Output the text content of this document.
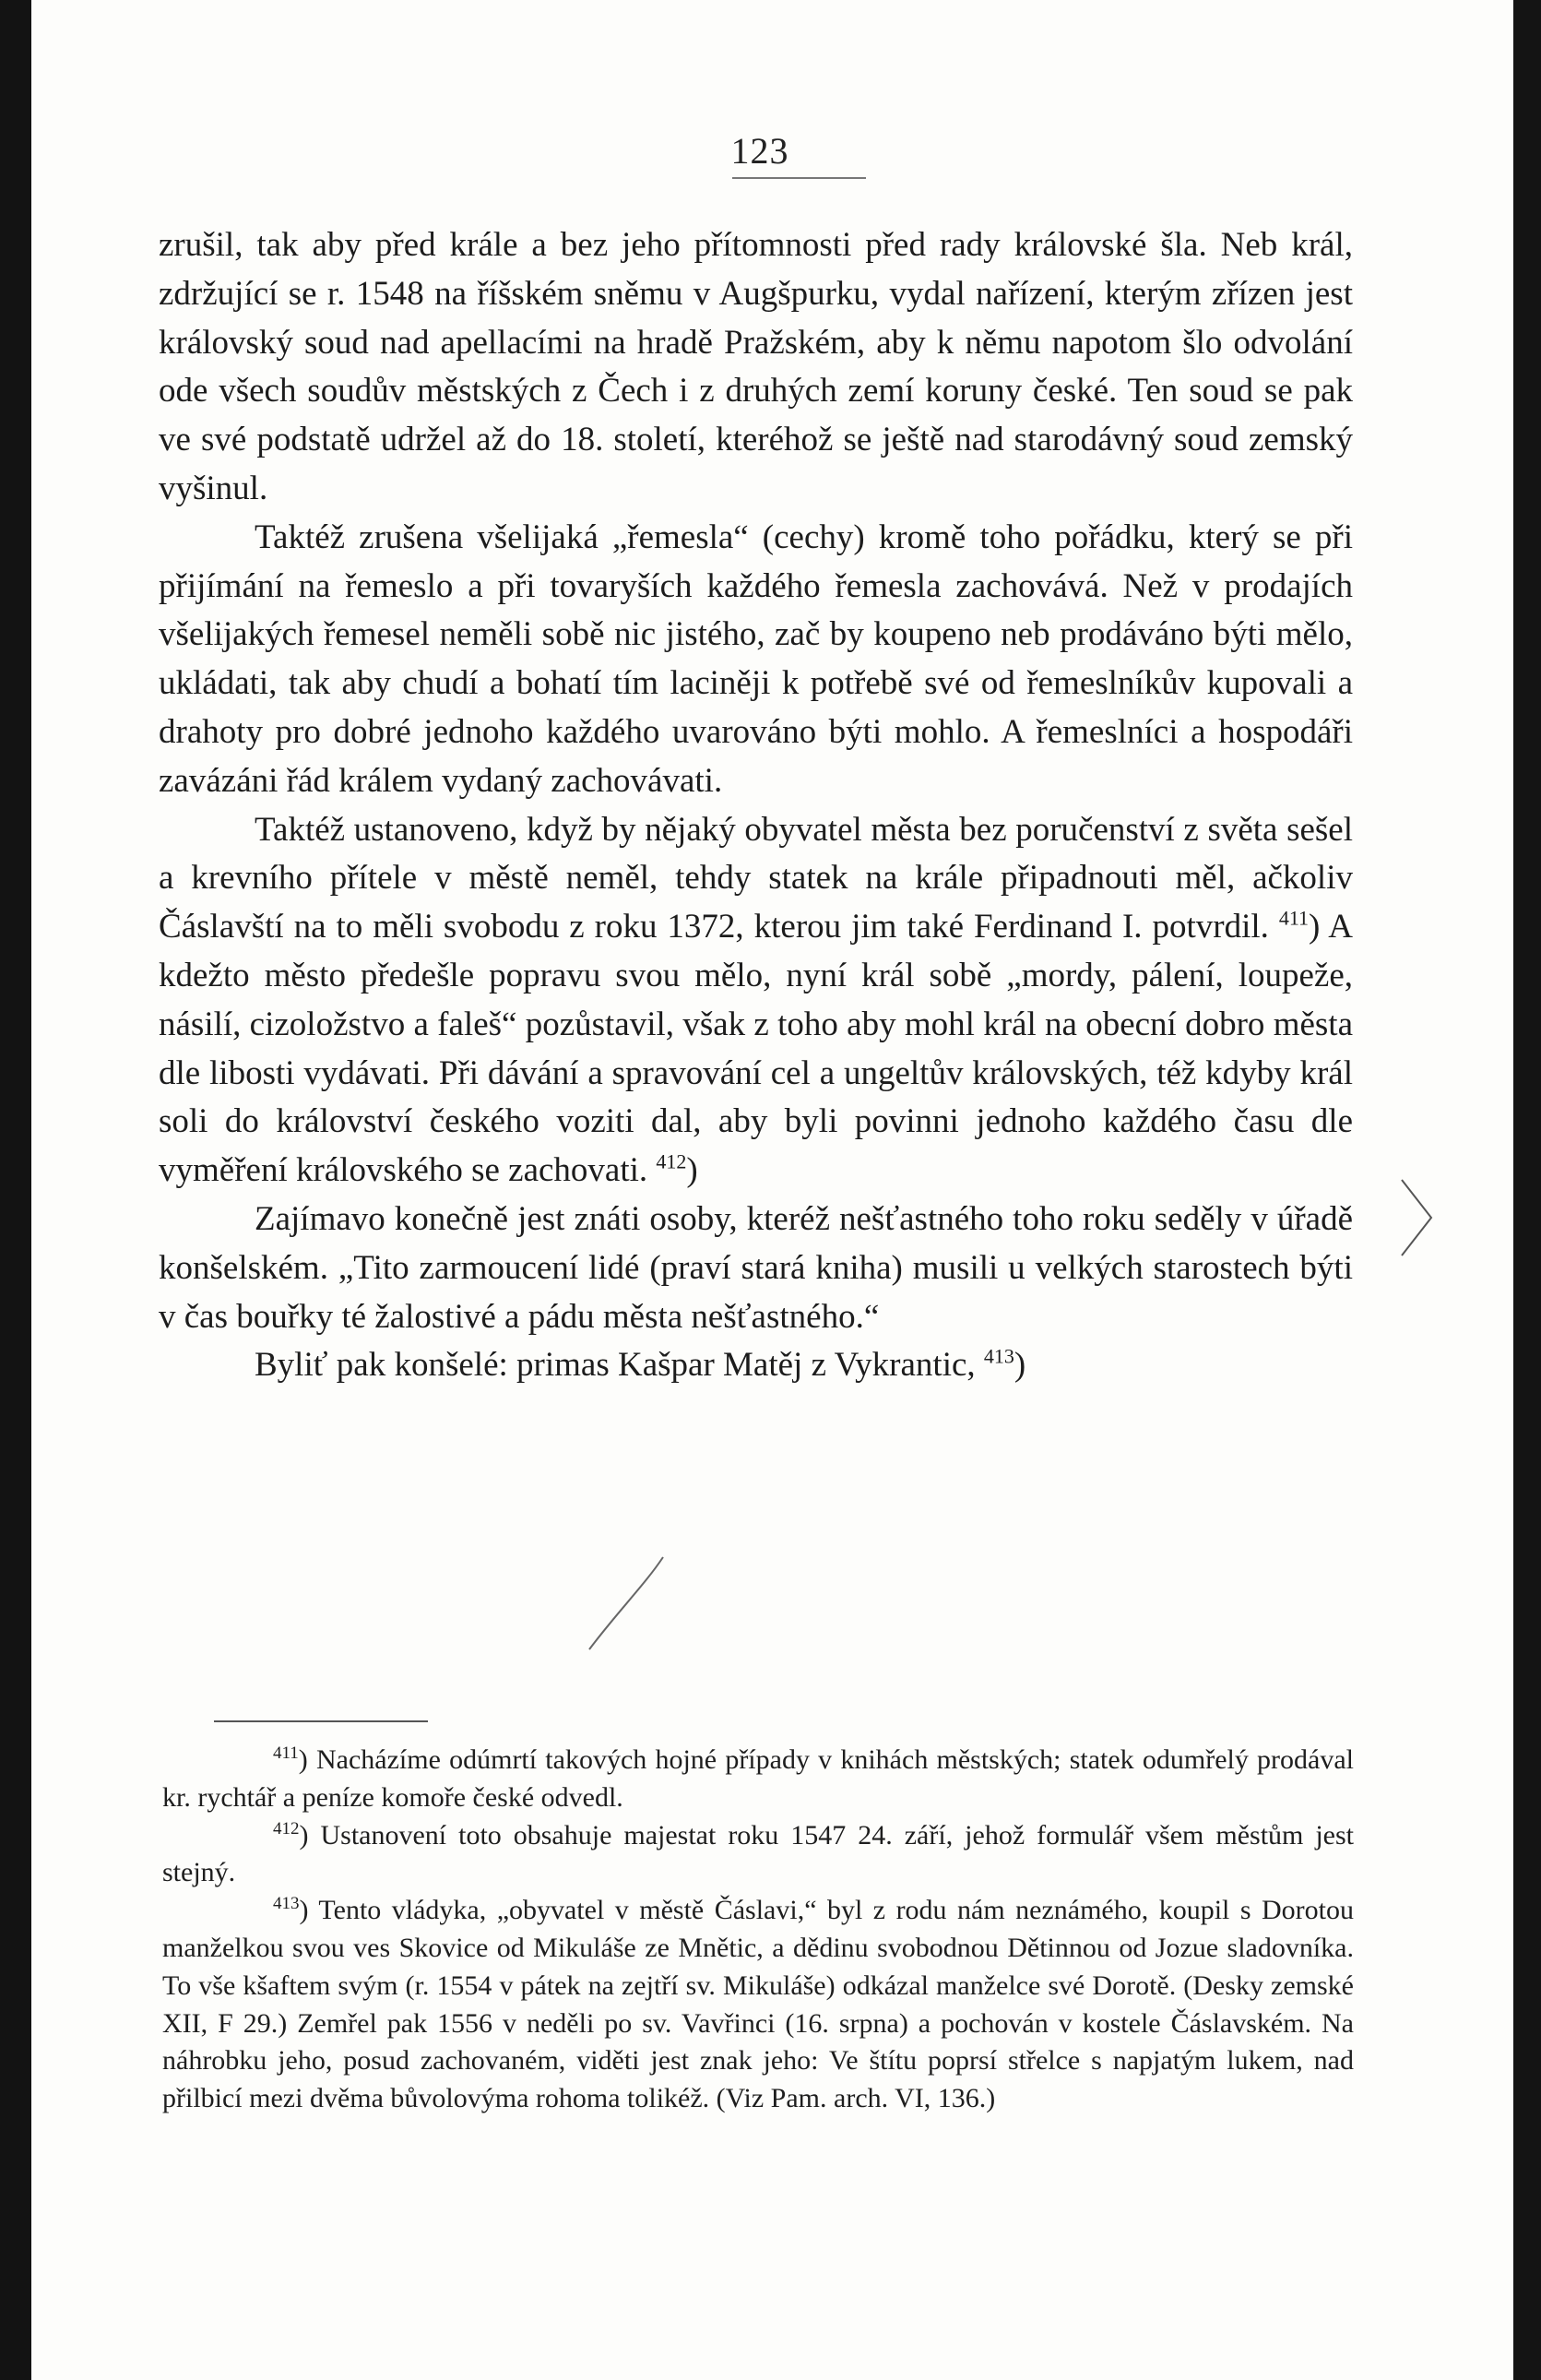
123

zrušil, tak aby před krále a bez jeho přítomnosti před rady královské šla. Neb král, zdržující se r. 1548 na říšském sněmu v Augšpurku, vydal nařízení, kterým zřízen jest královský soud nad apellacími na hradě Pražském, aby k němu napotom šlo odvolání ode všech soudův městských z Čech i z druhých zemí koruny české. Ten soud se pak ve své podstatě udržel až do 18. století, kteréhož se ještě nad starodávný soud zemský vyšinul.

Taktéž zrušena všelijaká „řemesla“ (cechy) kromě toho pořádku, který se při přijímání na řemeslo a při tovaryších každého řemesla zachovává. Než v prodajích všelijakých řemesel neměli sobě nic jistého, zač by koupeno neb prodáváno býti mělo, ukládati, tak aby chudí a bohatí tím laciněji k potřebě své od řemeslníkův kupovali a drahoty pro dobré jednoho každého uvarováno býti mohlo. A řemeslníci a hospodáři zavázáni řád králem vydaný zachovávati.

Taktéž ustanoveno, když by nějaký obyvatel města bez poručenství z světa sešel a krevního přítele v městě neměl, tehdy statek na krále připadnouti měl, ačkoliv Čáslavští na to měli svobodu z roku 1372, kterou jim také Ferdinand I. potvrdil. $^{411}$) A kdežto město předešle popravu svou mělo, nyní král sobě „mordy, pálení, loupeže, násilí, cizoložstvo a faleš“ pozůstavil, však z toho aby mohl král na obecní dobro města dle libosti vydávati. Při dávání a spravování cel a ungeltův královských, též kdyby král soli do království českého voziti dal, aby byli povinni jednoho každého času dle vyměření královského se zachovati. $^{412}$)

Zajímavo konečně jest znáti osoby, kteréž nešťastného toho roku seděly v úřadě konšelském. „Tito zarmoucení lidé (praví stará kniha) musili u velkých starostech býti v čas bouřky té žalostivé a pádu města nešťastného.“

Byliť pak konšelé: primas Kašpar Matěj z Vykrantic, $^{413}$)

$^{411}$) Nacházíme odúmrtí takových hojné případy v knihách městských; statek odumřelý prodával kr. rychtář a peníze komoře české odvedl.

$^{412}$) Ustanovení toto obsahuje majestat roku 1547 24. září, jehož formulář všem městům jest stejný.

$^{413}$) Tento vládyka, „obyvatel v městě Čáslavi,“ byl z rodu nám neznámého, koupil s Dorotou manželkou svou ves Skovice od Mikuláše ze Mnětic, a dědinu svobodnou Dětinnou od Jozue sladovníka. To vše kšaftem svým (r. 1554 v pátek na zejtří sv. Mikuláše) odkázal manželce své Dorotě. (Desky zemské XII, F 29.) Zemřel pak 1556 v neděli po sv. Vavřinci (16. srpna) a pochován v kostele Čáslavském. Na náhrobku jeho, posud zachovaném, viděti jest znak jeho: Ve štítu poprsí střelce s napjatým lukem, nad přilbicí mezi dvěma bůvolovýma rohoma tolikéž. (Viz Pam. arch. VI, 136.)
